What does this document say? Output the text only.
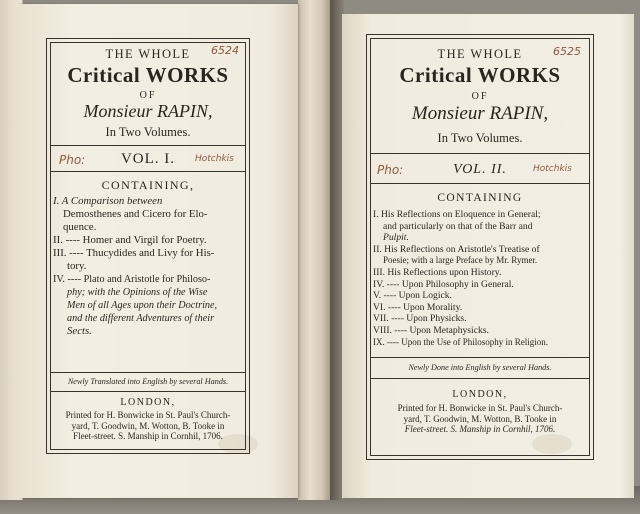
THE WHOLE	6524
Critical WORKS
OF
Monsieur RAPIN,
In Two Volumes.
Pho:	VOL. I.	Hotchkis
CONTAINING,
I. A Comparison between
Demosthenes and Cicero for Elo-
quence.
II. ---- Homer and Virgil for Poetry.
III. ---- Thucydides and Livy for His-
tory.
IV. ---- Plato and Aristotle for Philoso-
phy; with the Opinions of the Wise
Men of all Ages upon their Doctrine,
and the different Adventures of their
Sects.
Newly Translated into English by several Hands.
LONDON,
Printed for H. Bonwicke in St. Paul's Church-
yard, T. Goodwin, M. Wotton, B. Tooke in
Fleet-street. S. Manship in Cornhil, 1706.
THE WHOLE	6525
Critical WORKS
OF
Monsieur RAPIN,
In Two Volumes.
Pho:	VOL. II.	Hotchkis
CONTAINING
I. His Reflections on Eloquence in General;
and particularly on that of the Barr and
Pulpit.
II. His Reflections on Aristotle's Treatise of
Poesie; with a large Preface by Mr. Rymer.
III. His Reflections upon History.
IV. ---- Upon Philosophy in General.
V. ---- Upon Logick.
VI. ---- Upon Morality.
VII. ---- Upon Physicks.
VIII. ---- Upon Metaphysicks.
IX. ---- Upon the Use of Philosophy in Religion.
Newly Done into English by several Hands.
LONDON,
Printed for H. Bonwicke in St. Paul's Church-
yard, T. Goodwin, M. Wotton, B. Tooke in
Fleet-street. S. Manship in Cornhil, 1706.
